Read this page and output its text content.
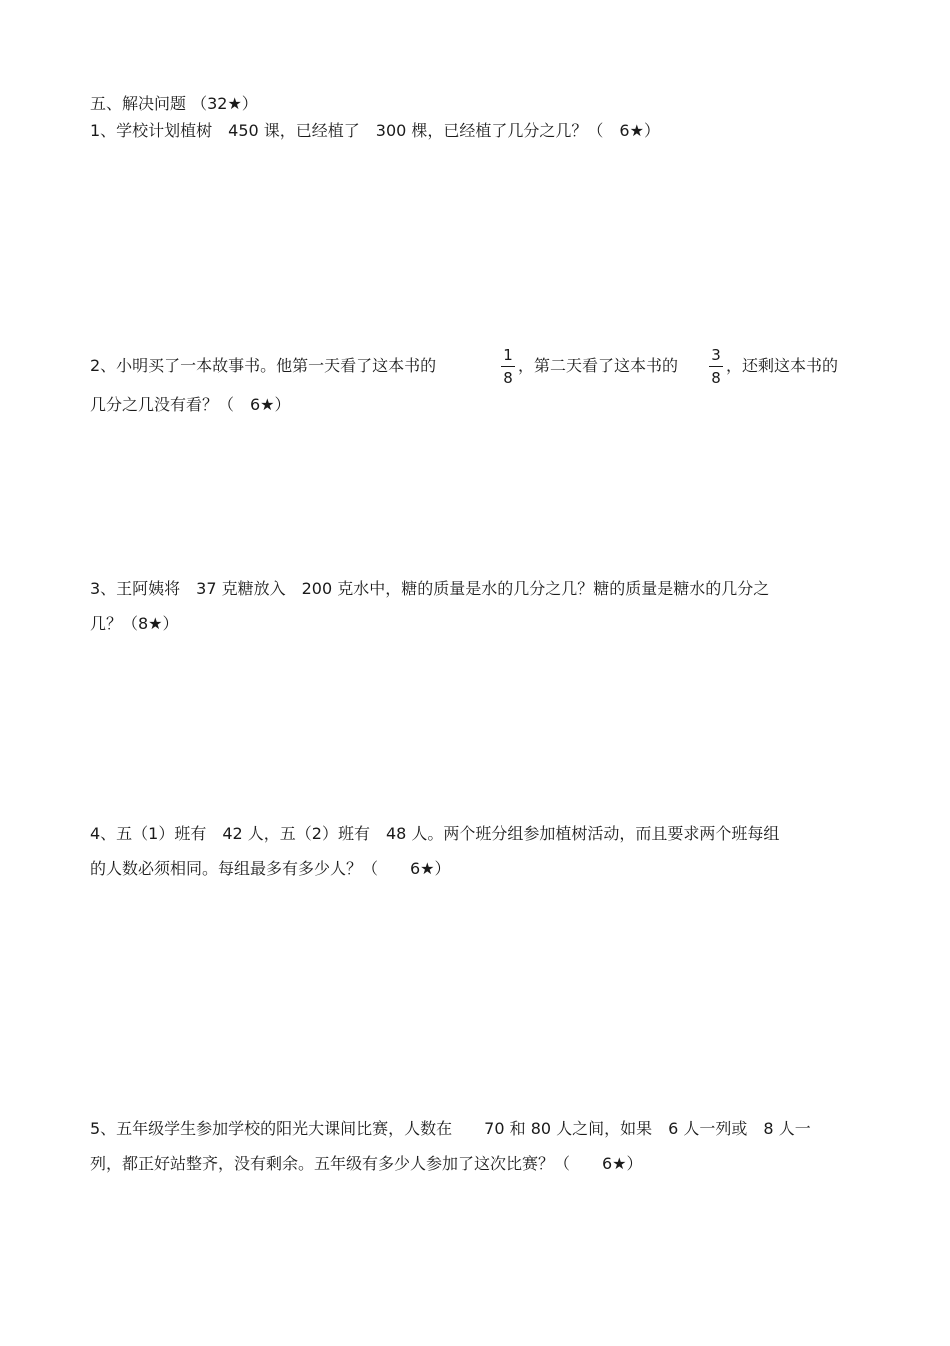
五、解决问题 （32★）
1、学校计划植树　450 课，已经植了　300 棵，已经植了几分之几？（　6★）
2、小明买了一本故事书。他第一天看了这本书的
1
8
，第二天看了这本书的
3
8
，还剩这本书的
几分之几没有看？（　6★）
3、王阿姨将　37 克糖放入　200 克水中，糖的质量是水的几分之几？糖的质量是糖水的几分之
几？（8★）
4、五（1）班有　42 人，五（2）班有　48 人。两个班分组参加植树活动，而且要求两个班每组
的人数必须相同。每组最多有多少人？（　　6★）
5、五年级学生参加学校的阳光大课间比赛，人数在　　70 和 80 人之间，如果　6 人一列或　8 人一
列，都正好站整齐，没有剩余。五年级有多少人参加了这次比赛？（　　6★）
